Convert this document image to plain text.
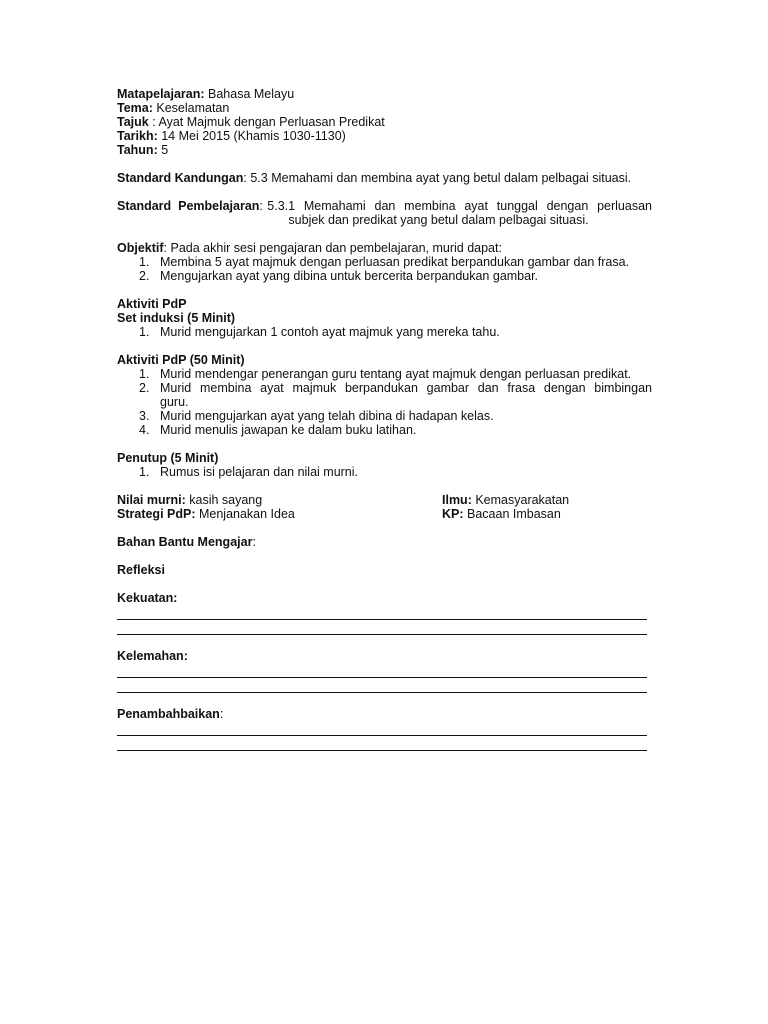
Matapelajaran: Bahasa Melayu
Tema: Keselamatan
Tajuk : Ayat Majmuk dengan Perluasan Predikat
Tarikh: 14 Mei 2015 (Khamis 1030-1130)
Tahun: 5
Standard Kandungan: 5.3 Memahami dan membina ayat yang betul dalam pelbagai situasi.
Standard  Pembelajaran : 5.3.1  Memahami  dan  membina  ayat  tunggal  dengan  perluasan
subjek dan predikat yang betul dalam pelbagai situasi.
Objektif: Pada akhir sesi pengajaran dan pembelajaran, murid dapat:
1. Membina 5 ayat majmuk dengan perluasan predikat berpandukan gambar dan frasa.
2. Mengujarkan ayat yang dibina untuk bercerita berpandukan gambar.
Aktiviti PdP
Set induksi (5 Minit)
1. Murid mengujarkan 1 contoh ayat majmuk yang mereka tahu.
Aktiviti PdP (50 Minit)
1. Murid mendengar penerangan guru tentang ayat majmuk dengan perluasan predikat.
2. Murid  membina  ayat  majmuk  berpandukan  gambar  dan  frasa  dengan  bimbingan
guru.
3. Murid mengujarkan ayat yang telah dibina di hadapan kelas.
4. Murid menulis jawapan ke dalam buku latihan.
Penutup (5 Minit)
1. Rumus isi pelajaran dan nilai murni.
Nilai murni: kasih sayang	Ilmu: Kemasyarakatan
Strategi PdP: Menjanakan Idea	KP: Bacaan Imbasan
Bahan Bantu Mengajar:
Refleksi
Kekuatan:
Kelemahan:
Penambahbaikan:
